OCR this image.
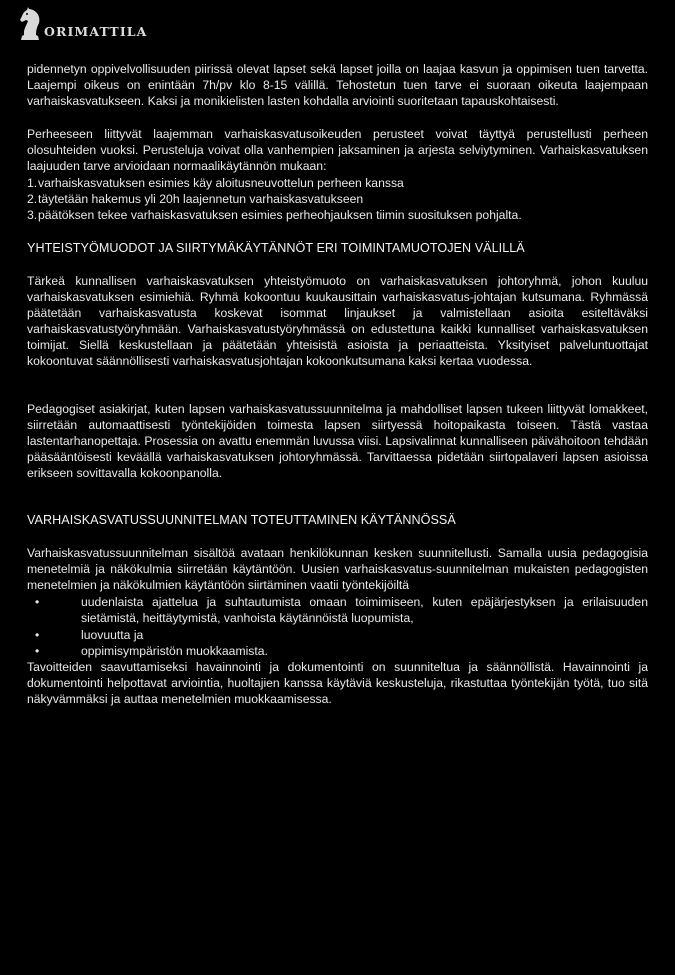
ORIMATTILA

pidennetyn oppivelvollisuuden piirissä olevat lapset sekä lapset joilla on laajaa kasvun ja oppimisen tuen tarvetta. Laajempi oikeus on enintään 7h/pv klo 8-15 välillä. Tehostetun tuen tarve ei suoraan oikeuta laajempaan varhaiskasvatukseen. Kaksi ja monikielisten lasten kohdalla arviointi suoritetaan tapauskohtaisesti.

Perheeseen liittyvät laajemman varhaiskasvatusoikeuden perusteet voivat täyttyä perustellusti perheen olosuhteiden vuoksi. Perusteluja voivat olla vanhempien jaksaminen ja arjesta selviytyminen. Varhaiskasvatuksen laajuuden tarve arvioidaan normaalikäytännön mukaan:

1. varhaiskasvatuksen esimies käy aloitusneuvottelun perheen kanssa
2. täytetään hakemus yli 20h laajennetun varhaiskasvatukseen
3. päätöksen tekee varhaiskasvatuksen esimies perheohjauksen tiimin suosituksen pohjalta.
YHTEISTYÖMUODOT JA SIIRTYMÄKÄYTÄNNÖT ERI TOIMINTAMUOTOJEN VÄLILLÄ

Tärkeä kunnallisen varhaiskasvatuksen yhteistyömuoto on varhaiskasvatuksen johtoryhmä, johon kuuluu varhaiskasvatuksen esimiehiä. Ryhmä kokoontuu kuukausittain varhaiskasvatus-johtajan kutsumana. Ryhmässä päätetään varhaiskasvatusta koskevat isommat linjaukset ja valmistellaan asioita esiteltäväksi varhaiskasvatustyöryhmään. Varhaiskasvatustyöryhmässä on edustettuna kaikki kunnalliset varhaiskasvatuksen toimijat. Siellä keskustellaan ja päätetään yhteisistä asioista ja periaatteista. Yksityiset palveluntuottajat kokoontuvat säännöllisesti varhaiskasvatusjohtajan kokoonkutsumana kaksi kertaa vuodessa.

Pedagogiset asiakirjat, kuten lapsen varhaiskasvatussuunnitelma ja mahdolliset lapsen tukeen liittyvät lomakkeet, siirretään automaattisesti työntekijöiden toimesta lapsen siirtyessä hoitopaikasta toiseen. Tästä vastaa lastentarhanopettaja. Prosessia on avattu enemmän luvussa viisi. Lapsivalinnat kunnalliseen päivähoitoon tehdään pääsääntöisesti keväällä varhaiskasvatuksen johtoryhmässä. Tarvittaessa pidetään siirtopalaveri lapsen asioissa erikseen sovittavalla kokoonpanolla.

VARHAISKASVATUSSUUNNITELMAN TOTEUTTAMINEN KÄYTÄNNÖSSÄ

Varhaiskasvatussuunnitelman sisältöä avataan henkilökunnan kesken suunnitellusti. Samalla uusia pedagogisia menetelmiä ja näkökulmia siirretään käytäntöön. Uusien varhaiskasvatus-suunnitelman mukaisten pedagogisten menetelmien ja näkökulmien käytäntöön siirtäminen vaatii työntekijöiltä

•	uudenlaista ajattelua ja suhtautumista omaan toimimiseen, kuten epäjärjestyksen ja erilaisuuden sietämistä, heittäytymistä, vanhoista käytännöistä luopumista,
•	luovuutta ja
•	oppimisympäristön muokkaamista.

Tavoitteiden saavuttamiseksi havainnointi ja dokumentointi on suunniteltua ja säännöllistä. Havainnointi ja dokumentointi helpottavat arviointia, huoltajien kanssa käytäviä keskusteluja, rikastuttaa työntekijän työtä, tuo sitä näkyvämmäksi ja auttaa menetelmien muokkaamisessa.
